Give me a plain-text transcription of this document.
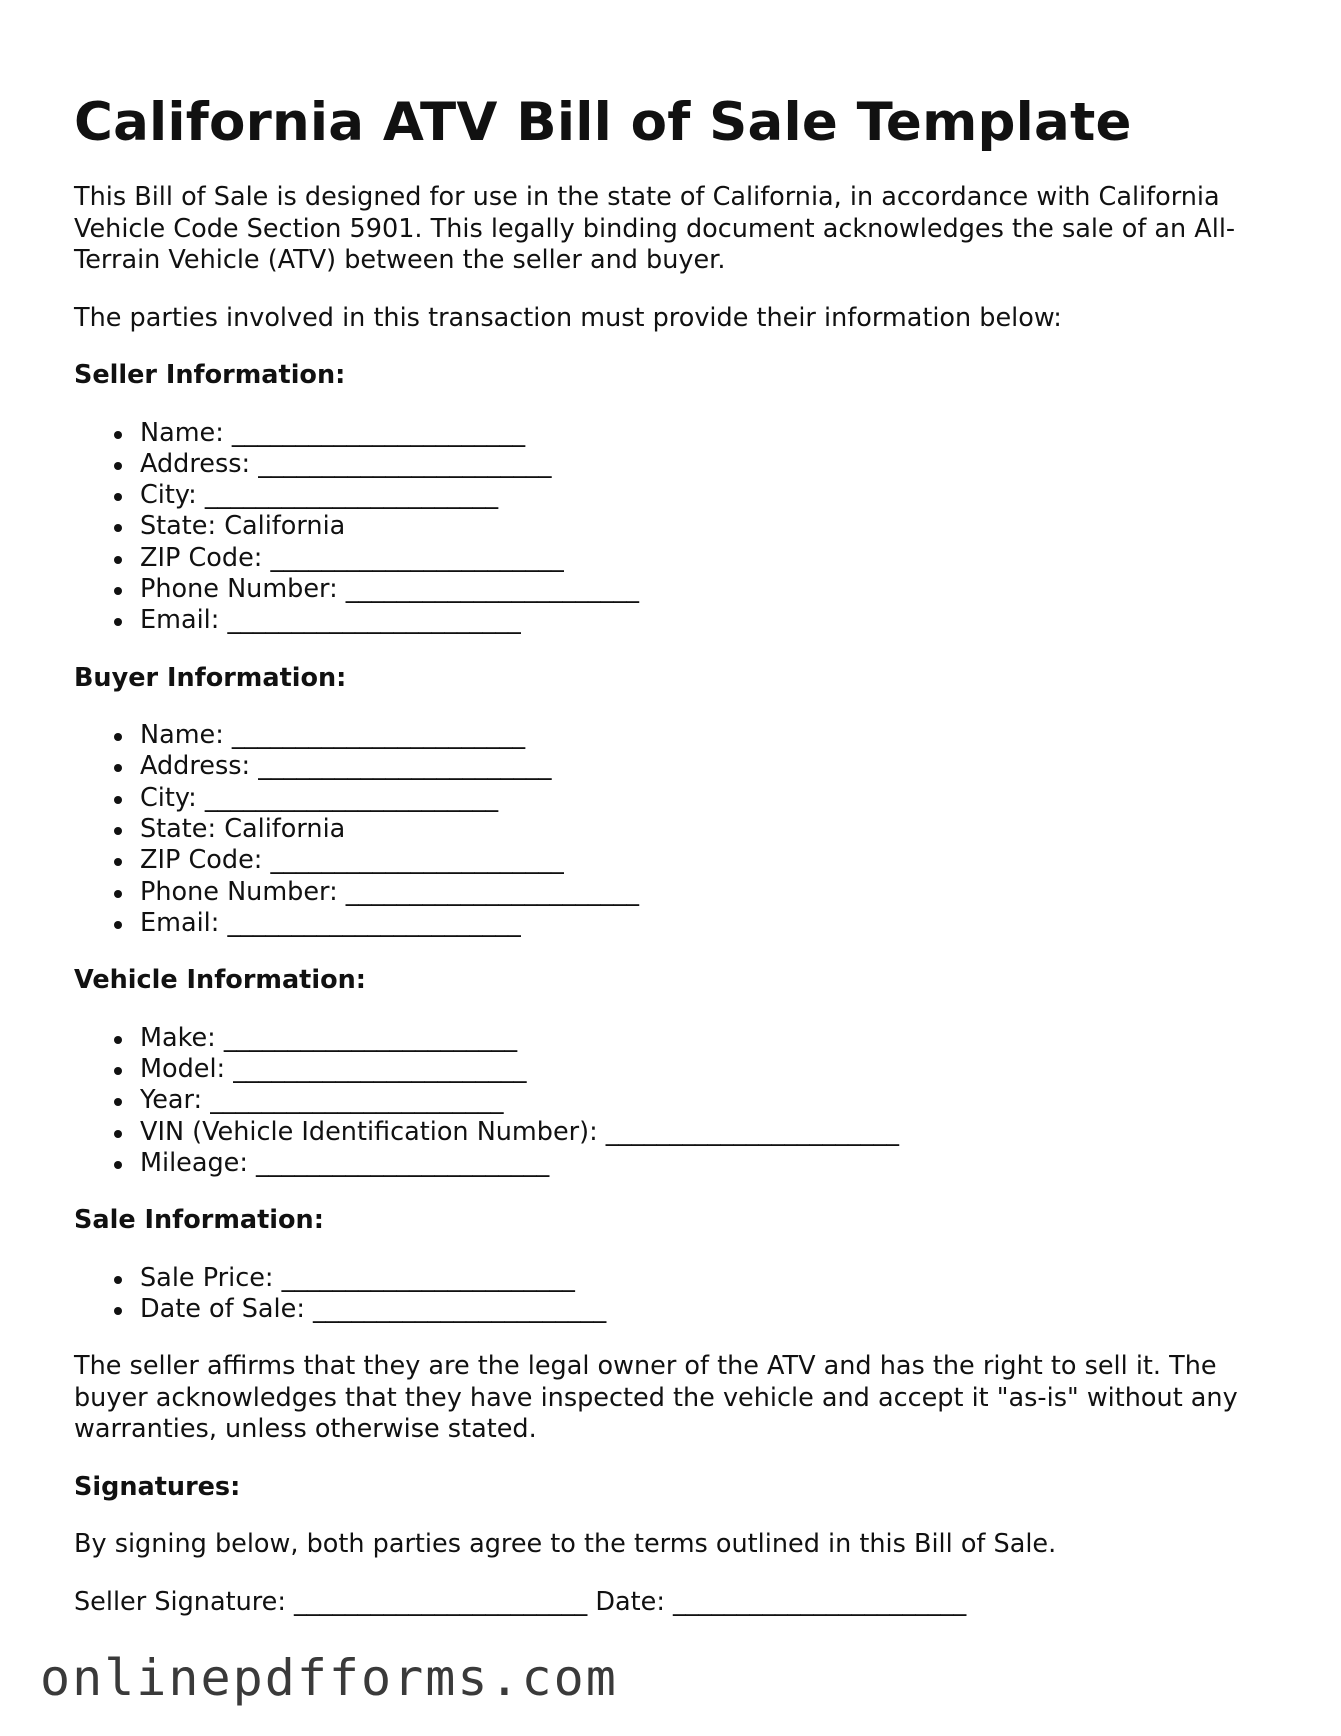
California ATV Bill of Sale Template

This Bill of Sale is designed for use in the state of California, in accordance with California Vehicle Code Section 5901. This legally binding document acknowledges the sale of an All-Terrain Vehicle (ATV) between the seller and buyer.

The parties involved in this transaction must provide their information below:

Seller Information:
Name: _______________________
Address: _______________________
City: _______________________
State: California
ZIP Code: _______________________
Phone Number: _______________________
Email: _______________________
Buyer Information:
Name: _______________________
Address: _______________________
City: _______________________
State: California
ZIP Code: _______________________
Phone Number: _______________________
Email: _______________________
Vehicle Information:
Make: _______________________
Model: _______________________
Year: _______________________
VIN (Vehicle Identification Number): _______________________
Mileage: _______________________
Sale Information:
Sale Price: _______________________
Date of Sale: _______________________

The seller affirms that they are the legal owner of the ATV and has the right to sell it. The buyer acknowledges that they have inspected the vehicle and accept it "as-is" without any warranties, unless otherwise stated.

Signatures:

By signing below, both parties agree to the terms outlined in this Bill of Sale.

Seller Signature: _______________________ Date: _______________________

onlinepdfforms.com
